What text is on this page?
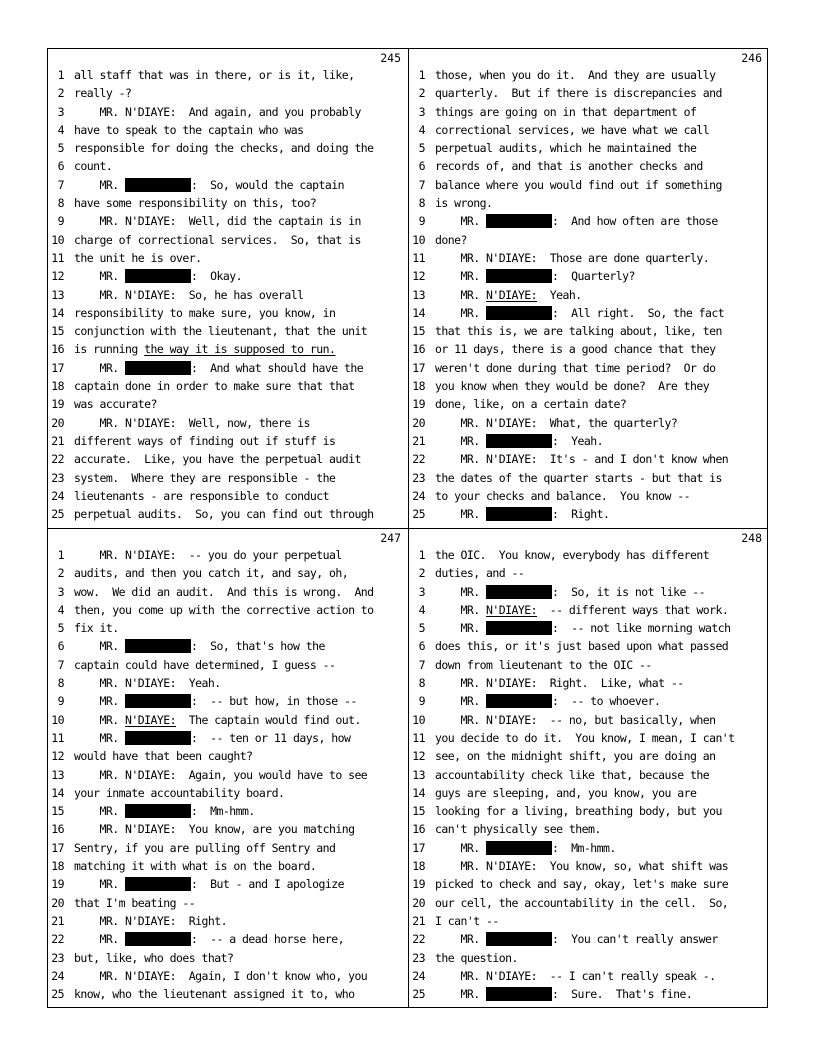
245
1 all staff that was in there, or is it, like,
2 really -?
3 MR. N'DIAYE:  And again, and you probably
4 have to speak to the captain who was
5 responsible for doing the checks, and doing the
6 count.
7 MR.	:  So, would the captain
8 have some responsibility on this, too?
9 MR. N'DIAYE:  Well, did the captain is in
10 charge of correctional services.  So, that is
11 the unit he is over.
12 MR.	:  Okay.
13 MR. N'DIAYE:  So, he has overall
14 responsibility to make sure, you know, in
15 conjunction with the lieutenant, that the unit
16 is running the way it is supposed to run.
17 MR.	:  And what should have the
18 captain done in order to make sure that that
19 was accurate?
20 MR. N'DIAYE:  Well, now, there is
21 different ways of finding out if stuff is
22 accurate.  Like, you have the perpetual audit
23 system.  Where they are responsible - the
24 lieutenants - are responsible to conduct
25 perpetual audits.  So, you can find out through
246
1 those, when you do it.  And they are usually
2 quarterly.  But if there is discrepancies and
3 things are going on in that department of
4 correctional services, we have what we call
5 perpetual audits, which he maintained the
6 records of, and that is another checks and
7 balance where you would find out if something
8 is wrong.
9 MR.	:  And how often are those
10 done?
11 MR. N'DIAYE:  Those are done quarterly.
12 MR.	:  Quarterly?
13 MR. N'DIAYE:  Yeah.
14 MR.	:  All right.  So, the fact
15 that this is, we are talking about, like, ten
16 or 11 days, there is a good chance that they
17 weren't done during that time period?  Or do
18 you know when they would be done?  Are they
19 done, like, on a certain date?
20 MR. N'DIAYE:  What, the quarterly?
21 MR.	:  Yeah.
22 MR. N'DIAYE:  It's - and I don't know when
23 the dates of the quarter starts - but that is
24 to your checks and balance.  You know --
25 MR.	:  Right.
247
1 MR. N'DIAYE:  -- you do your perpetual
2 audits, and then you catch it, and say, oh,
3 wow.  We did an audit.  And this is wrong.  And
4 then, you come up with the corrective action to
5 fix it.
6 MR.	:  So, that's how the
7 captain could have determined, I guess --
8 MR. N'DIAYE:  Yeah.
9 MR.	:  -- but how, in those --
10 MR. N'DIAYE:  The captain would find out.
11 MR.	:  -- ten or 11 days, how
12 would have that been caught?
13 MR. N'DIAYE:  Again, you would have to see
14 your inmate accountability board.
15 MR.	:  Mm-hmm.
16 MR. N'DIAYE:  You know, are you matching
17 Sentry, if you are pulling off Sentry and
18 matching it with what is on the board.
19 MR.	:  But - and I apologize
20 that I'm beating --
21 MR. N'DIAYE:  Right.
22 MR.	:  -- a dead horse here,
23 but, like, who does that?
24 MR. N'DIAYE:  Again, I don't know who, you
25 know, who the lieutenant assigned it to, who
248
1 the OIC.  You know, everybody has different
2 duties, and --
3 MR.	:  So, it is not like --
4 MR. N'DIAYE:  -- different ways that work.
5 MR.	:  -- not like morning watch
6 does this, or it's just based upon what passed
7 down from lieutenant to the OIC --
8 MR. N'DIAYE:  Right.  Like, what --
9 MR.	:  -- to whoever.
10 MR. N'DIAYE:  -- no, but basically, when
11 you decide to do it.  You know, I mean, I can't
12 see, on the midnight shift, you are doing an
13 accountability check like that, because the
14 guys are sleeping, and, you know, you are
15 looking for a living, breathing body, but you
16 can't physically see them.
17 MR.	:  Mm-hmm.
18 MR. N'DIAYE:  You know, so, what shift was
19 picked to check and say, okay, let's make sure
20 our cell, the accountability in the cell.  So,
21 I can't --
22 MR.	:  You can't really answer
23 the question.
24 MR. N'DIAYE:  -- I can't really speak -.
25 MR.	:  Sure.  That's fine.
